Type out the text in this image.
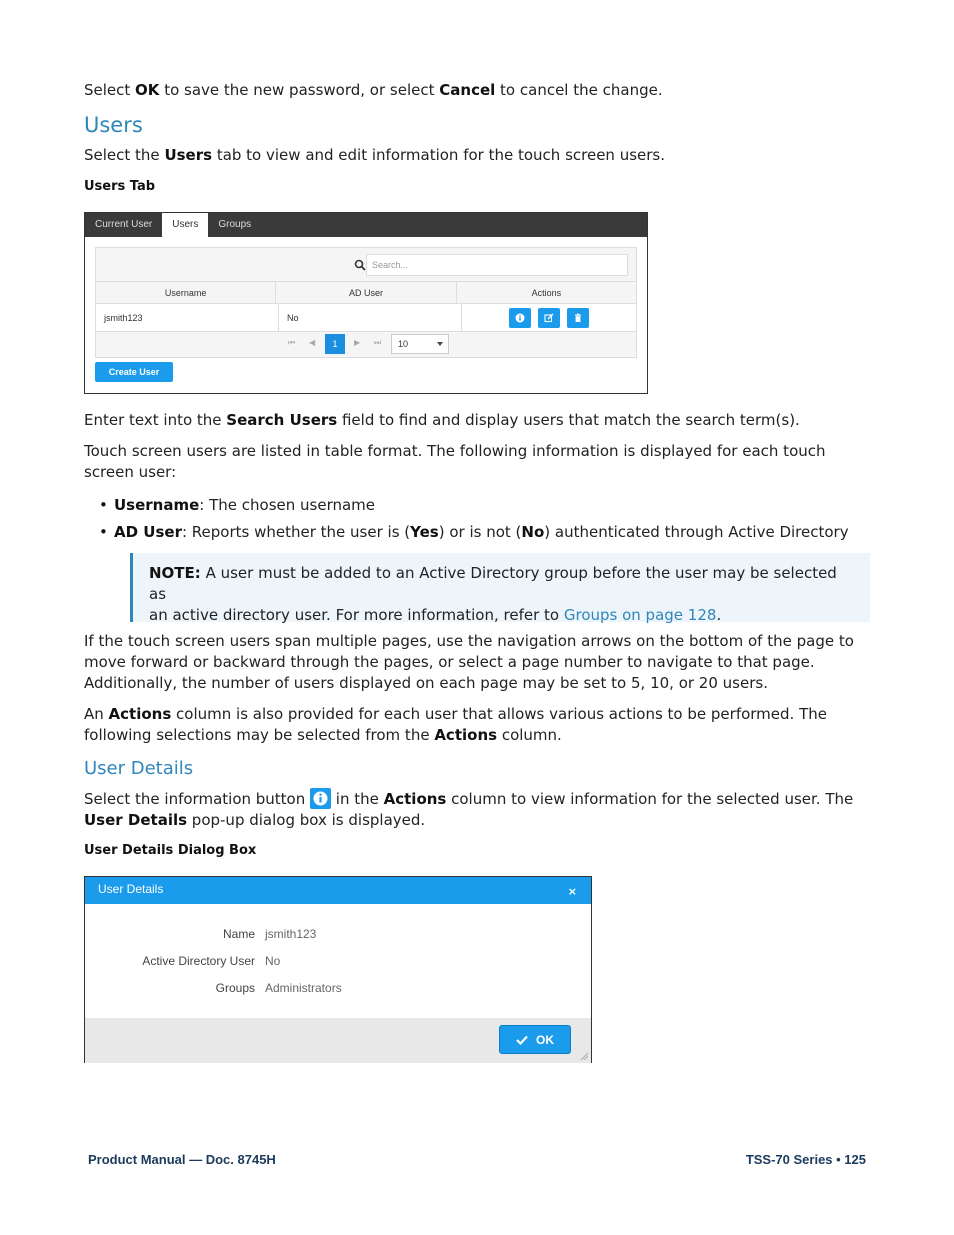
Select OK to save the new password, or select Cancel to cancel the change.

Users

Select the Users tab to view and edit information for the touch screen users.

Users Tab
Current User	Users	Groups
Search...
Username	AD User	Actions
jsmith123	No
⏮ ◀	1	▶ ⏭	10
Create User

Enter text into the Search Users field to find and display users that match the search term(s).

Touch screen users are listed in table format. The following information is displayed for each touch

screen user:

• Username: The chosen username

• AD User: Reports whether the user is (Yes) or is not (No) authenticated through Active Directory

NOTE: A user must be added to an Active Directory group before the user may be selected as

an active directory user. For more information, refer to Groups on page 128.

If the touch screen users span multiple pages, use the navigation arrows on the bottom of the page to

move forward or backward through the pages, or select a page number to navigate to that page.

Additionally, the number of users displayed on each page may be set to 5, 10, or 20 users.

An Actions column is also provided for each user that allows various actions to be performed. The

following selections may be selected from the Actions column.

User Details

Select the information button
in the Actions column to view information for the selected user. The

User Details pop-up dialog box is displayed.

User Details Dialog Box
User Details	×
Name jsmith123
Active Directory User No
Groups Administrators
OK
Product Manual — Doc. 8745H	TSS-70 Series • 125
